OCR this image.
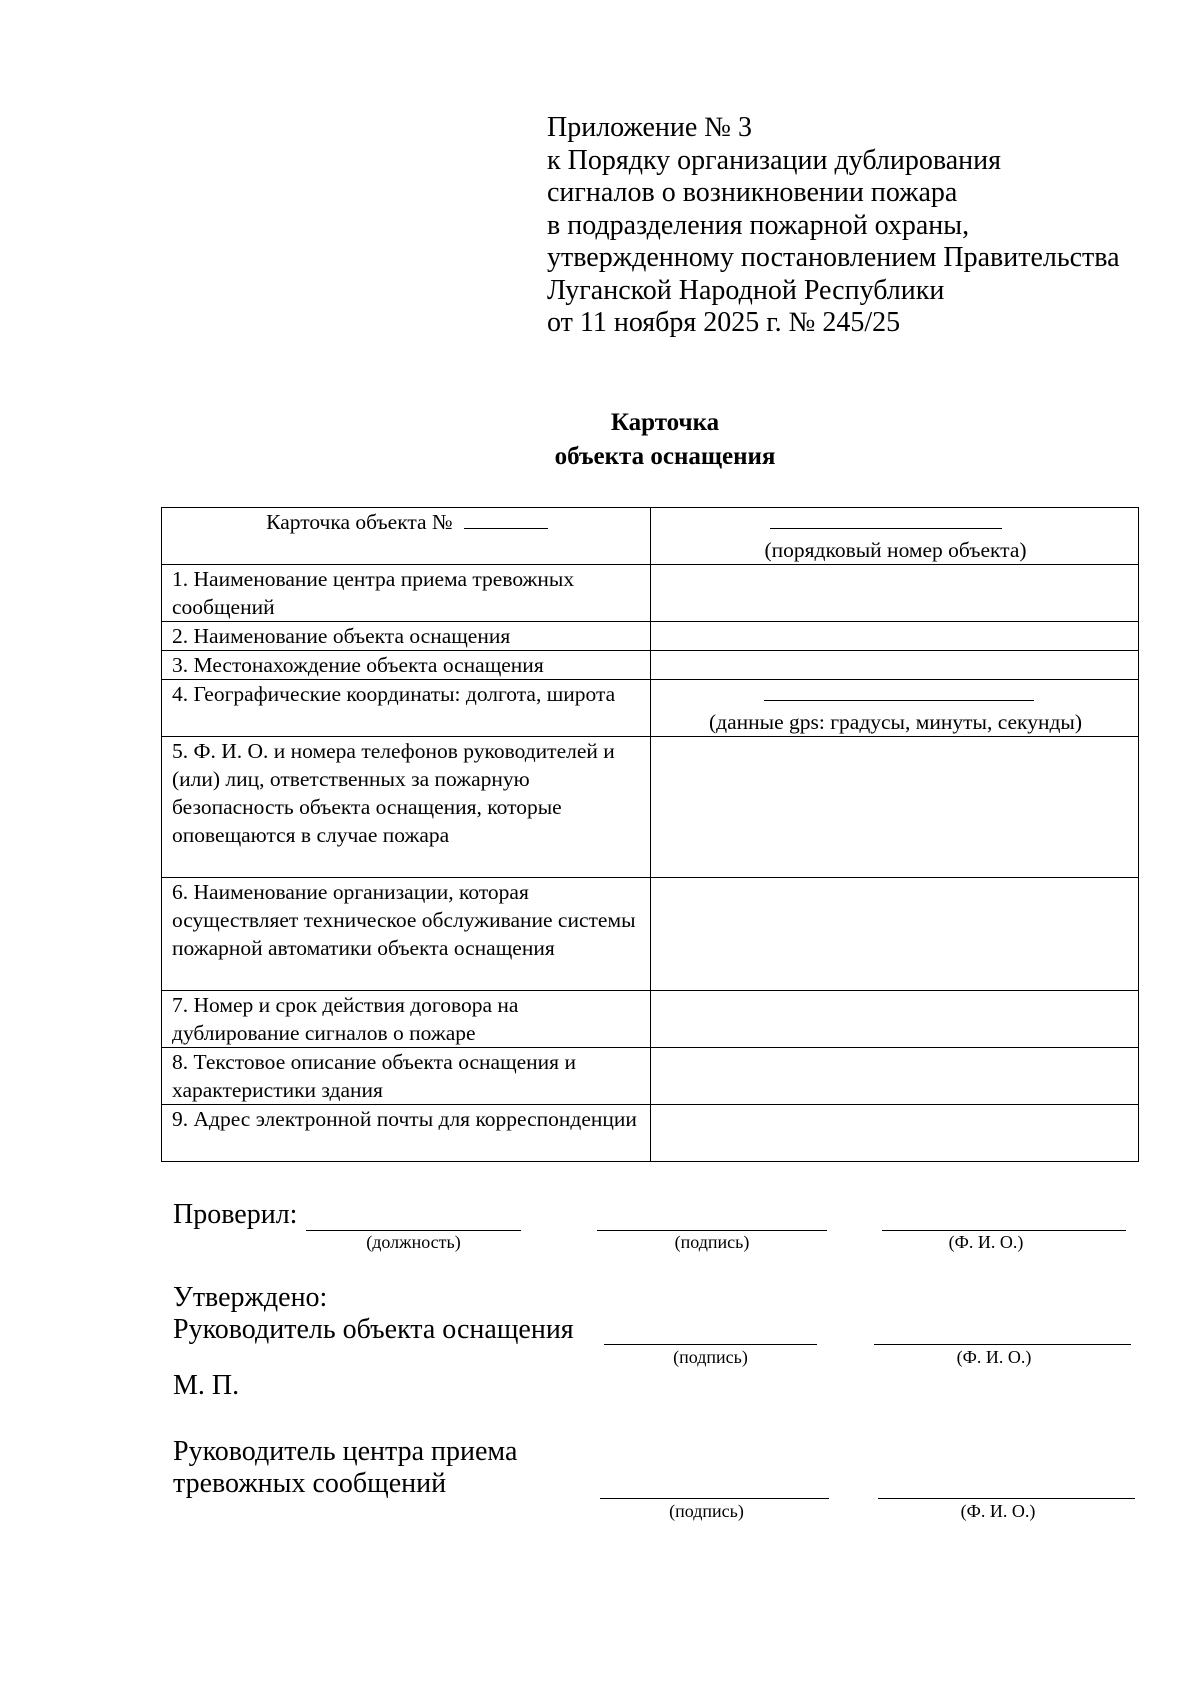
Приложение № 3
к Порядку организации дублирования
сигналов о возникновении пожара
в подразделения пожарной охраны,
утвержденному постановлением Правительства
Луганской Народной Республики
от 11 ноября 2025 г. № 245/25
Карточка
объекта оснащения
Карточка объекта №	(порядковый номер объекта)

1. Наименование центра приема тревожных сообщений	
2. Наименование объекта оснащения	
3. Местонахождение объекта оснащения	
4. Географические координаты: долгота, широта	(данные gps: градусы, минуты, секунды)

5. Ф. И. О. и номера телефонов руководителей и (или) лиц, ответственных за пожарную безопасность объекта оснащения, которые оповещаются в случае пожара	
6. Наименование организации, которая осуществляет техническое обслуживание системы пожарной автоматики объекта оснащения	
7. Номер и срок действия договора на дублирование сигналов о пожаре	
8. Текстовое описание объекта оснащения и характеристики здания	
9. Адрес электронной почты для корреспонденции	
Проверил:
(должность)	(подпись)	(Ф. И. О.)
Утверждено:
Руководитель объекта оснащения
(подпись)	(Ф. И. О.)
М. П.
Руководитель центра приема
тревожных сообщений
(подпись)	(Ф. И. О.)
